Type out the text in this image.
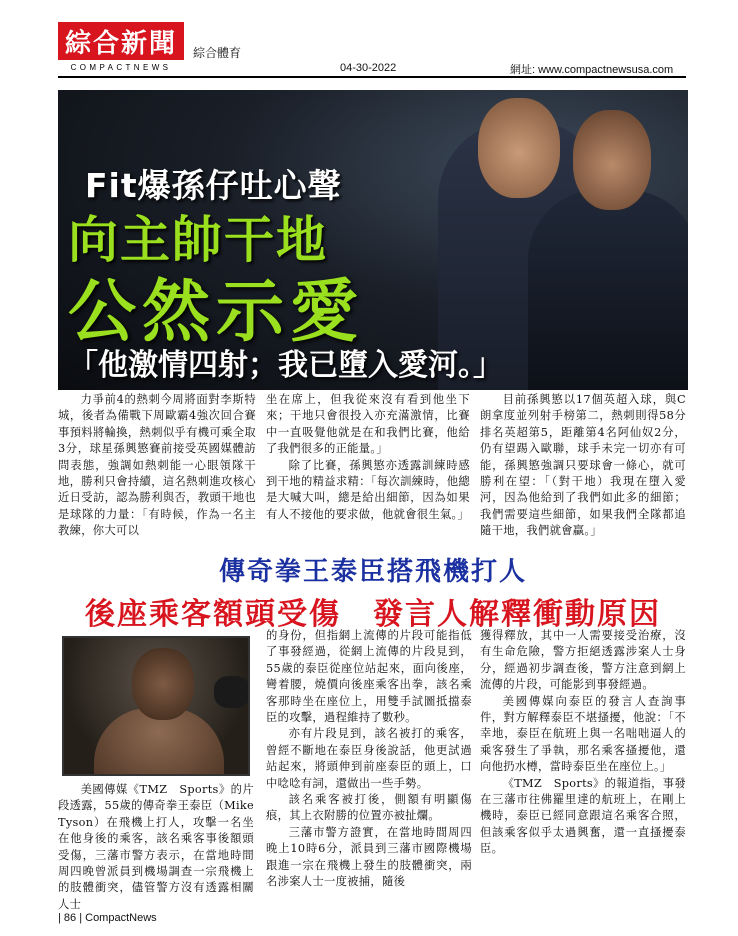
綜合新聞
COMPACTNEWS
綜合體育
04-30-2022	網址: www.compactnewsusa.com
Fit爆孫仔吐心聲
向主帥干地
公然示愛
「他激情四射；我已墮入愛河。」

力爭前4的熱刺今周將面對李斯特城，後者為備戰下周歐霸4強次回合賽事預料將輪換，熱刺似乎有機可乘全取3分，球星孫興慜賽前接受英國媒體訪問表態，強調如熱刺能一心眼領隊干地，勝利只會持續，這名熱刺進攻核心近日受訪，認為勝利與否，教頭干地也是球隊的力量：「有時候，作為一名主教練，你大可以

坐在席上，但我從來沒有看到他坐下來；干地只會很投入亦充滿激情，比賽中一直吸覺他就是在和我們比賽，他給了我們很多的正能量。」

除了比賽，孫興慜亦透露訓練時感到干地的精益求精：「每次訓練時，他總是大喊大叫，總是給出細節，因為如果有人不接他的要求做，他就會很生氣。」

目前孫興慜以17個英超入球，與C朗拿度並列射手榜第二，熱刺則得58分排名英超第5，距離第4名阿仙奴2分，仍有望踢入歐聯，球手未完一切亦有可能，孫興慜強調只要球會一條心，就可勝利在望：「（對干地）我現在墮入愛河，因為他給到了我們如此多的細節；我們需要這些細節，如果我們全隊都追隨干地，我們就會贏。」

傳奇拳王泰臣搭飛機打人
後座乘客額頭受傷　發言人解釋衝動原因

美國傳媒《TMZ　Sports》的片段透露，55歲的傳奇拳王泰臣（Mike Tyson）在飛機上打人，攻擊一名坐在他身後的乘客，該名乘客事後額頭受傷，三藩市警方表示，在當地時間周四晚曾派員到機場調查一宗飛機上的肢體衝突，儘管警方沒有透露相關人士

的身份，但指網上流傳的片段可能指低了事發經過，從網上流傳的片段見到，55歲的泰臣從座位站起來，面向後座，彎着腰，燒價向後座乘客出拳，該名乘客那時坐在座位上，用雙手試圖抵擋泰臣的攻擊，過程維持了數秒。

亦有片段見到，該名被打的乘客，曾經不斷地在泰臣身後說話，他更試過站起來，將頭伸到前座泰臣的頭上，口中唸唸有詞，還做出一些手勢。

該名乘客被打後，側額有明顯傷痕，其上衣附勝的位置亦被扯爛。

三藩市警方證實，在當地時間周四晚上10時6分，派員到三藩市國際機場跟進一宗在飛機上發生的肢體衝突，兩名涉案人士一度被捕，隨後

獲得釋放，其中一人需要接受治療，沒有生命危險，警方拒絕透露涉案人士身分，經過初步調查後，警方注意到網上流傳的片段，可能影到事發經過。

美國傳媒向泰臣的發言人查詢事件，對方解釋泰臣不堪搔擾，他說：「不幸地，泰臣在航班上與一名咄咄逼人的乘客發生了爭執，那名乘客搔擾他，還向他扔水樽，當時泰臣坐在座位上。」

《TMZ　Sports》的報道指，事發在三藩市往佛羅里達的航班上，在剛上機時，泰臣已經同意跟這名乘客合照，但該乘客似乎太過興奮，還一直搔擾泰臣。

| 86 | CompactNews
